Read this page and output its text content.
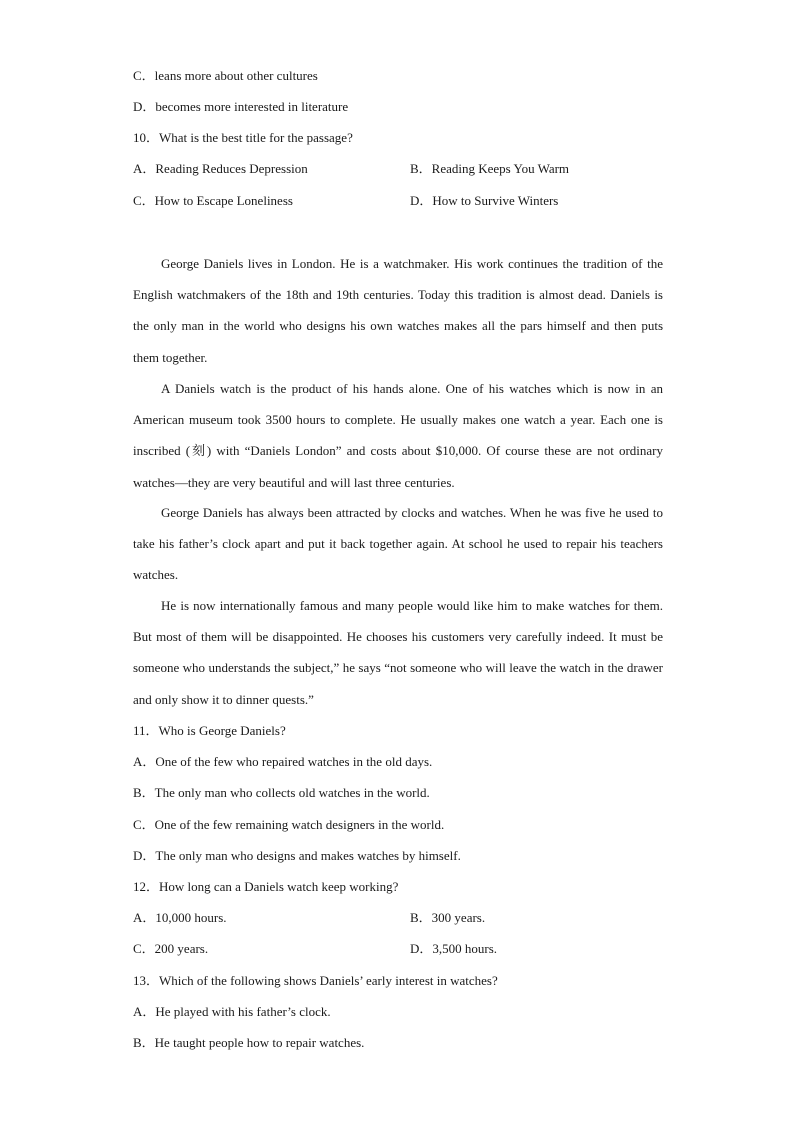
C．leans more about other cultures
D．becomes more interested in literature
10．What is the best title for the passage?
A．Reading Reduces Depression	B．Reading Keeps You Warm
C．How to Escape Loneliness	D．How to Survive Winters

George Daniels lives in London. He is a watchmaker. His work continues the tradition of the English watchmakers of the 18th and 19th centuries. Today this tradition is almost dead. Daniels is the only man in the world who designs his own watches makes all the pars himself and then puts them together.

A Daniels watch is the product of his hands alone. One of his watches which is now in an American museum took 3500 hours to complete. He usually makes one watch a year. Each one is inscribed (刻) with “Daniels London” and costs about $10,000. Of course these are not ordinary watches—they are very beautiful and will last three centuries.

George Daniels has always been attracted by clocks and watches. When he was five he used to take his father’s clock apart and put it back together again. At school he used to repair his teachers watches.

He is now internationally famous and many people would like him to make watches for them. But most of them will be disappointed. He chooses his customers very carefully indeed. It must be someone who understands the subject,” he says “not someone who will leave the watch in the drawer and only show it to dinner quests.”

11．Who is George Daniels?
A．One of the few who repaired watches in the old days.
B．The only man who collects old watches in the world.
C．One of the few remaining watch designers in the world.
D．The only man who designs and makes watches by himself.
12．How long can a Daniels watch keep working?
A．10,000 hours.	B．300 years.
C．200 years.	D．3,500 hours.
13．Which of the following shows Daniels’ early interest in watches?
A．He played with his father’s clock.
B．He taught people how to repair watches.
